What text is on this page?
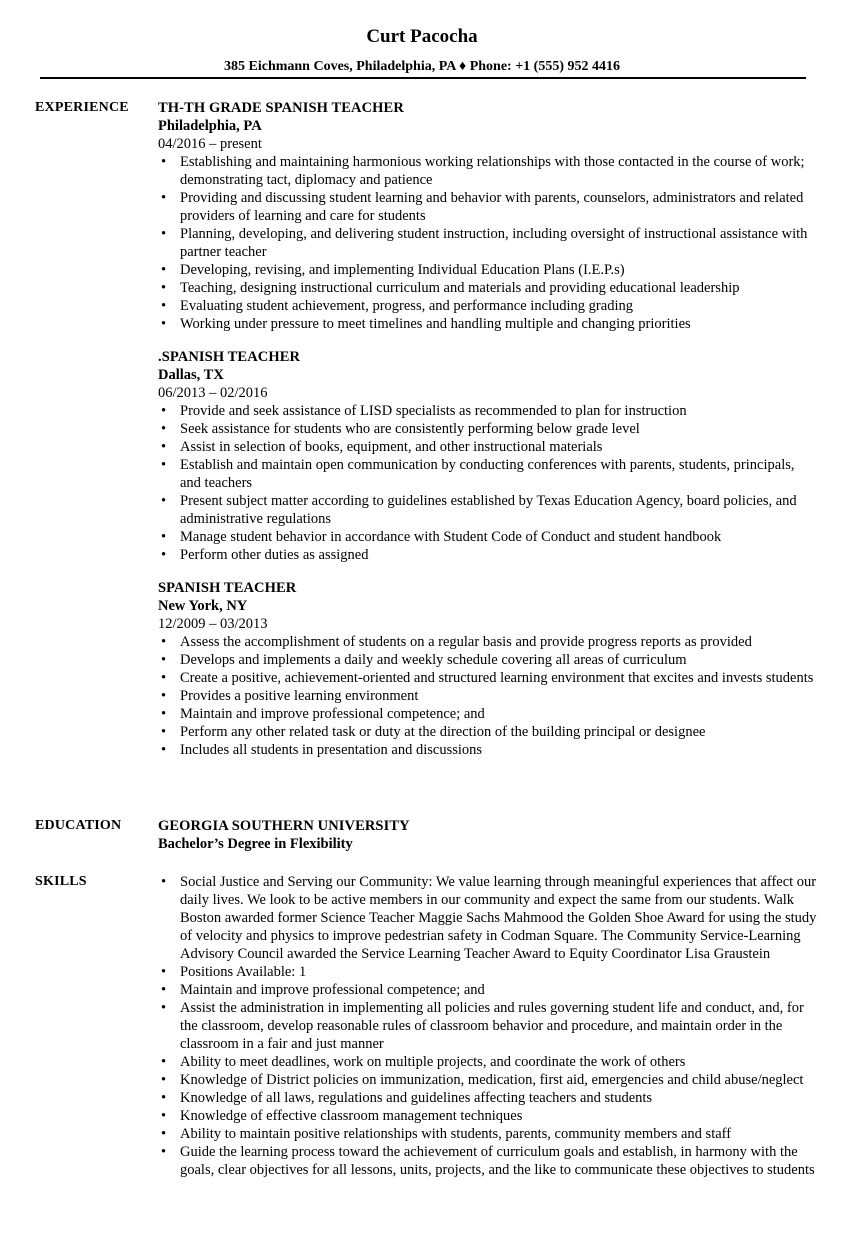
Curt Pacocha
385 Eichmann Coves, Philadelphia, PA ♦ Phone: +1 (555) 952 4416
EXPERIENCE TH-TH GRADE SPANISH TEACHER
Philadelphia, PA
04/2016 – present
• Establishing and maintaining harmonious working relationships with those contacted in the course of work; demonstrating tact, diplomacy and patience
• Providing and discussing student learning and behavior with parents, counselors, administrators and related providers of learning and care for students
• Planning, developing, and delivering student instruction, including oversight of instructional assistance with partner teacher
• Developing, revising, and implementing Individual Education Plans (I.E.P.s)
• Teaching, designing instructional curriculum and materials and providing educational leadership
• Evaluating student achievement, progress, and performance including grading
• Working under pressure to meet timelines and handling multiple and changing priorities
.SPANISH TEACHER
Dallas, TX
06/2013 – 02/2016
• Provide and seek assistance of LISD specialists as recommended to plan for instruction
• Seek assistance for students who are consistently performing below grade level
• Assist in selection of books, equipment, and other instructional materials
• Establish and maintain open communication by conducting conferences with parents, students, principals, and teachers
• Present subject matter according to guidelines established by Texas Education Agency, board policies, and administrative regulations
• Manage student behavior in accordance with Student Code of Conduct and student handbook
• Perform other duties as assigned
SPANISH TEACHER
New York, NY
12/2009 – 03/2013
• Assess the accomplishment of students on a regular basis and provide progress reports as provided
• Develops and implements a daily and weekly schedule covering all areas of curriculum
• Create a positive, achievement-oriented and structured learning environment that excites and invests students
• Provides a positive learning environment
• Maintain and improve professional competence; and
• Perform any other related task or duty at the direction of the building principal or designee
• Includes all students in presentation and discussions
EDUCATION	GEORGIA SOUTHERN UNIVERSITY
Bachelor’s Degree in Flexibility
SKILLS
•	Social Justice and Serving our Community: We value learning through meaningful experiences that affect our daily lives. We look to be active members in our community and expect the same from our students. Walk Boston awarded former Science Teacher Maggie Sachs Mahmood the Golden Shoe Award for using the study of velocity and physics to improve pedestrian safety in Codman Square. The Community Service-Learning Advisory Council awarded the Service Learning Teacher Award to Equity Coordinator Lisa Graustein
• Positions Available: 1
• Maintain and improve professional competence; and
• Assist the administration in implementing all policies and rules governing student life and conduct, and, for the classroom, develop reasonable rules of classroom behavior and procedure, and maintain order in the classroom in a fair and just manner
• Ability to meet deadlines, work on multiple projects, and coordinate the work of others
• Knowledge of District policies on immunization, medication, first aid, emergencies and child abuse/neglect
• Knowledge of all laws, regulations and guidelines affecting teachers and students
• Knowledge of effective classroom management techniques
• Ability to maintain positive relationships with students, parents, community members and staff
• Guide the learning process toward the achievement of curriculum goals and establish, in harmony with the goals, clear objectives for all lessons, units, projects, and the like to communicate these objectives to students
